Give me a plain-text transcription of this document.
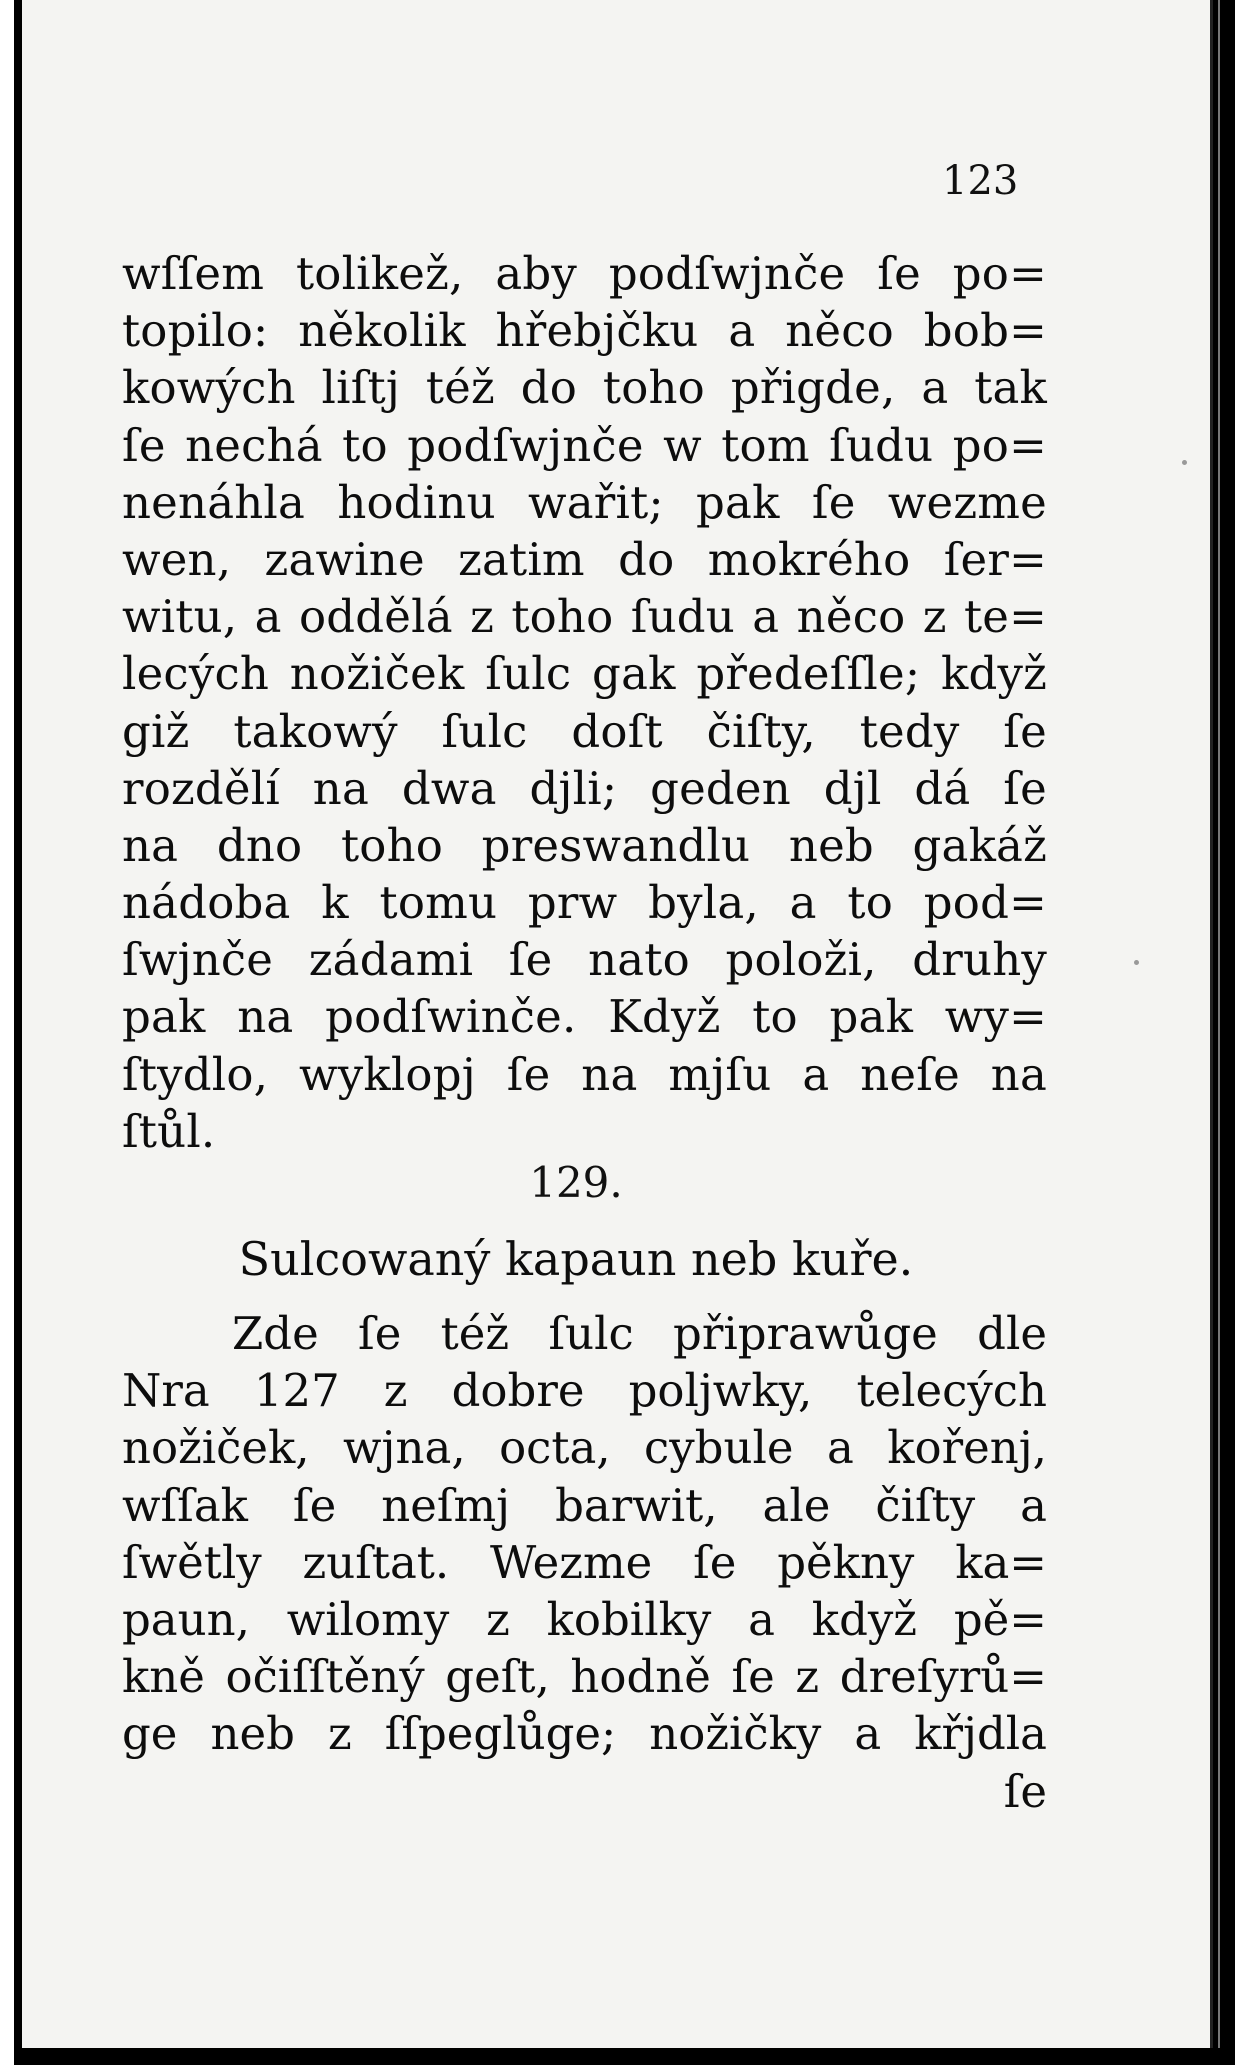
123
wſſem tolikež, aby podſwjnče ſe po=
topilo: několik hřebjčku a něco bob=
kowých liſtj též do toho přigde, a tak
ſe nechá to podſwjnče w tom ſudu po=
nenáhla hodinu wařit; pak ſe wezme
wen, zawine zatim do mokrého ſer=
witu, a oddělá z toho ſudu a něco z te=
lecých nožiček ſulc gak předeſſle; když
giž takowý ſulc doſt čiſty, tedy ſe
rozdělí na dwa djli; geden djl dá ſe
na dno toho preswandlu neb gakáž
nádoba k tomu prw byla, a to pod=
ſwjnče zádami ſe nato položi, druhy
pak na podſwinče. Když to pak wy=
ſtydlo, wyklopj ſe na mjſu a neſe na
ſtůl.
129.
Sulcowaný kapaun neb kuře.
Zde ſe též ſulc připrawůge dle
Nra 127 z dobre poljwky, telecých
nožiček, wjna, octa, cybule a kořenj,
wſſak ſe neſmj barwit, ale čiſty a
ſwětly zuſtat. Wezme ſe pěkny ka=
paun, wilomy z kobilky a když pě=
kně očiſſtěný geſt, hodně ſe z dreſyrů=
ge neb z ſſpeglůge; nožičky a křjdla
ſe
